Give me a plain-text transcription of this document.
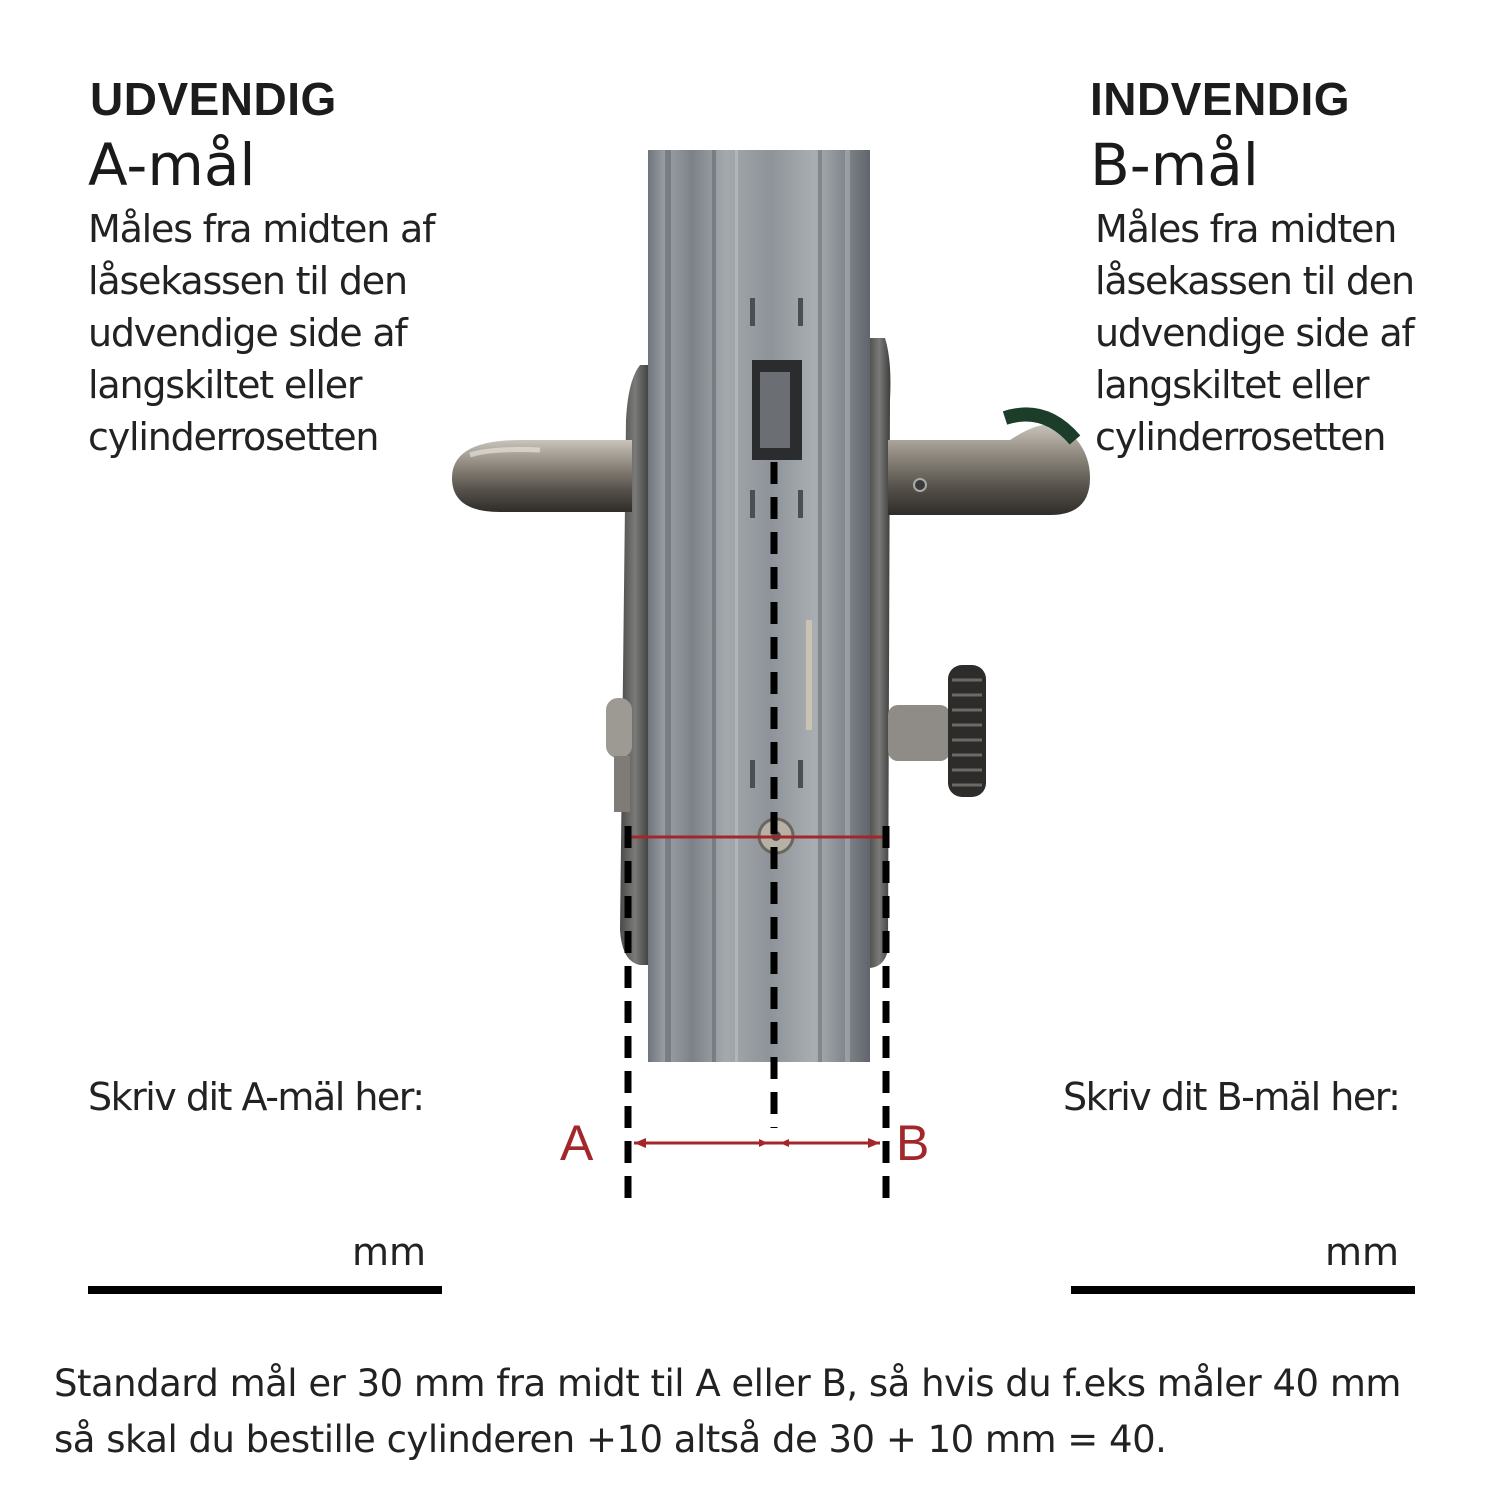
UDVENDIG
A-mål
Måles fra midten af
låsekassen til den
udvendige side af
langskiltet eller
cylinderrosetten
INDVENDIG
B-mål
Måles fra midten
låsekassen til den
udvendige side af
langskiltet eller
cylinderrosetten
A	B
Skriv dit A-mäl her:
mm
Skriv dit B-mäl her:
mm
Standard mål er 30 mm fra midt til A eller B, så hvis du f.eks måler 40 mm
så skal du bestille cylinderen +10 altså de 30 + 10 mm = 40.
